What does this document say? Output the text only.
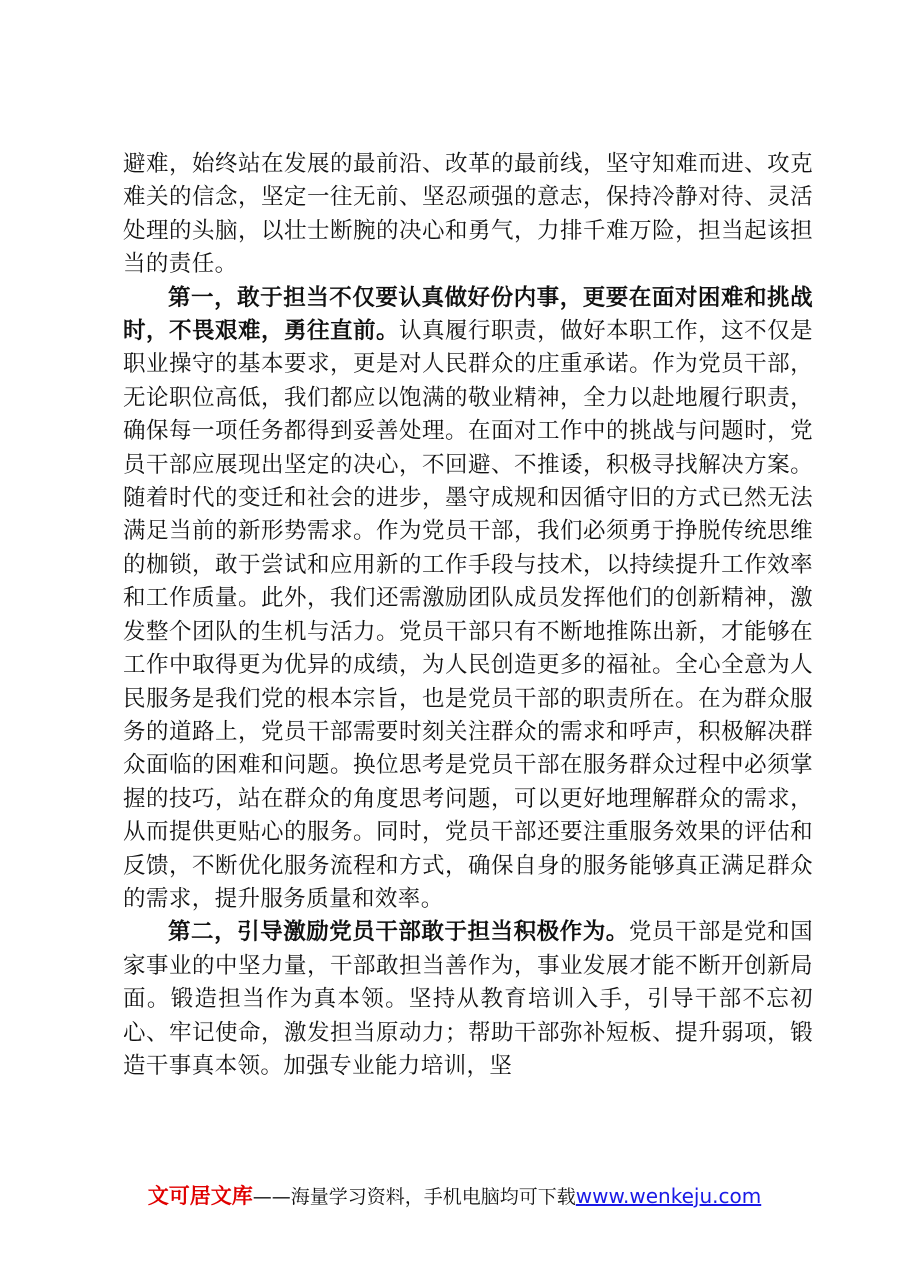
避难，始终站在发展的最前沿、改革的最前线，坚守知难而进、攻克难关的信念，坚定一往无前、坚忍顽强的意志，保持冷静对待、灵活处理的头脑，以壮士断腕的决心和勇气，力排千难万险，担当起该担当的责任。

第一，敢于担当不仅要认真做好份内事，更要在面对困难和挑战时，不畏艰难，勇往直前。认真履行职责，做好本职工作，这不仅是职业操守的基本要求，更是对人民群众的庄重承诺。作为党员干部，无论职位高低，我们都应以饱满的敬业精神，全力以赴地履行职责，确保每一项任务都得到妥善处理。在面对工作中的挑战与问题时，党员干部应展现出坚定的决心，不回避、不推诿，积极寻找解决方案。随着时代的变迁和社会的进步，墨守成规和因循守旧的方式已然无法满足当前的新形势需求。作为党员干部，我们必须勇于挣脱传统思维的枷锁，敢于尝试和应用新的工作手段与技术，以持续提升工作效率和工作质量。此外，我们还需激励团队成员发挥他们的创新精神，激发整个团队的生机与活力。党员干部只有不断地推陈出新，才能够在工作中取得更为优异的成绩，为人民创造更多的福祉。全心全意为人民服务是我们党的根本宗旨，也是党员干部的职责所在。在为群众服务的道路上，党员干部需要时刻关注群众的需求和呼声，积极解决群众面临的困难和问题。换位思考是党员干部在服务群众过程中必须掌握的技巧，站在群众的角度思考问题，可以更好地理解群众的需求，从而提供更贴心的服务。同时，党员干部还要注重服务效果的评估和反馈，不断优化服务流程和方式，确保自身的服务能够真正满足群众的需求，提升服务质量和效率。

第二，引导激励党员干部敢于担当积极作为。党员干部是党和国家事业的中坚力量，干部敢担当善作为，事业发展才能不断开创新局面。锻造担当作为真本领。坚持从教育培训入手，引导干部不忘初心、牢记使命，激发担当原动力；帮助干部弥补短板、提升弱项，锻造干事真本领。加强专业能力培训，坚

文可居文库——海量学习资料，手机电脑均可下载www.wenkeju.com
